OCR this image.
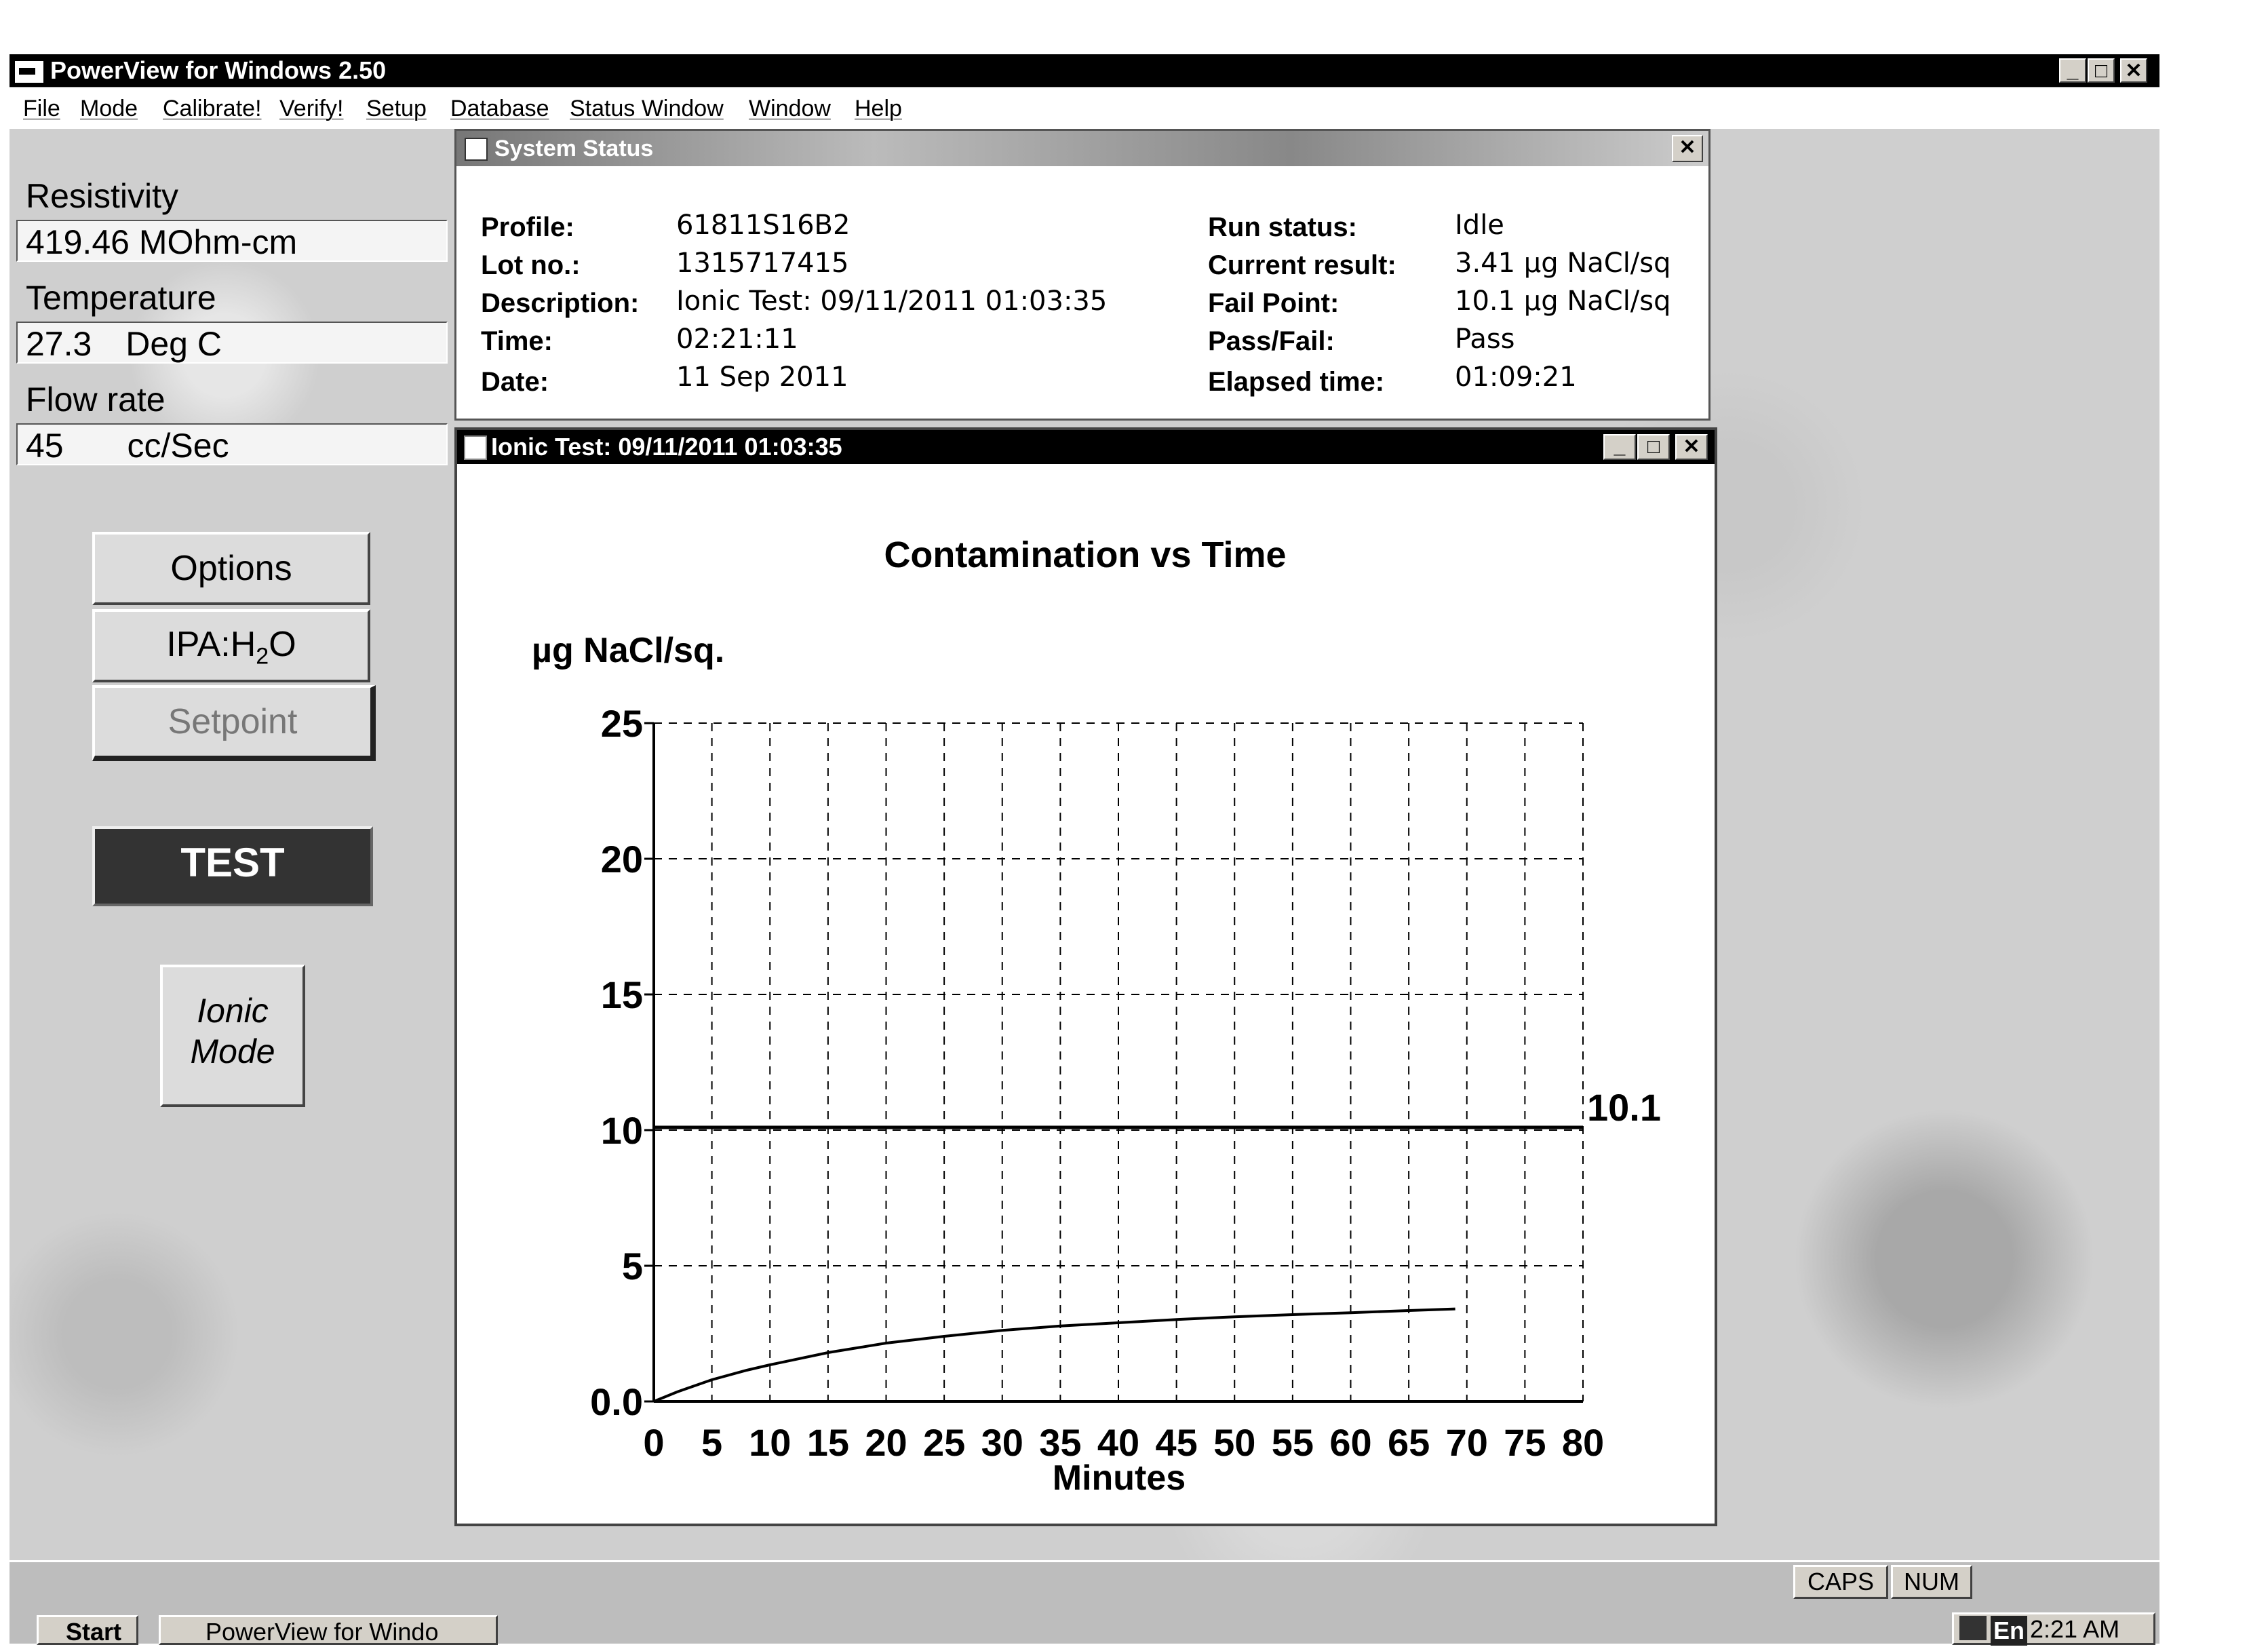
PowerView for Windows 2.50	_ □ ✕
File Mode Calibrate! Verify! Setup Database Status Window Window Help
Resistivity
419.46 MOhm-cm
Temperature
27.3 Deg C
Flow rate
45 cc/Sec
Options
$IPA:H_2O$
Setpoint
TEST
Ionic
Mode
System Status	✕
Profile:	61811S16B2
Lot no.:	1315717415
Description: Ionic Test: 09/11/2011 01:03:35
Time:	02:21:11
Date:	11 Sep 2011
Run status:	Idle
Current result: 3.41 µg NaCl/sq
Fail Point:	10.1 µg NaCl/sq
Pass/Fail:	Pass
Elapsed time:	01:09:21
Ionic Test: 09/11/2011 01:03:35	_	□	✕
Contamination vs Time
µg NaCl/sq.
Minutes
0 5 10 15 20 25 30 35 40 45 50 55 60 65 70 75 80
0.0
5
10
15
20
25
10.1
Start	PowerView for Windo
CAPS	NUM
En 2:21 AM
